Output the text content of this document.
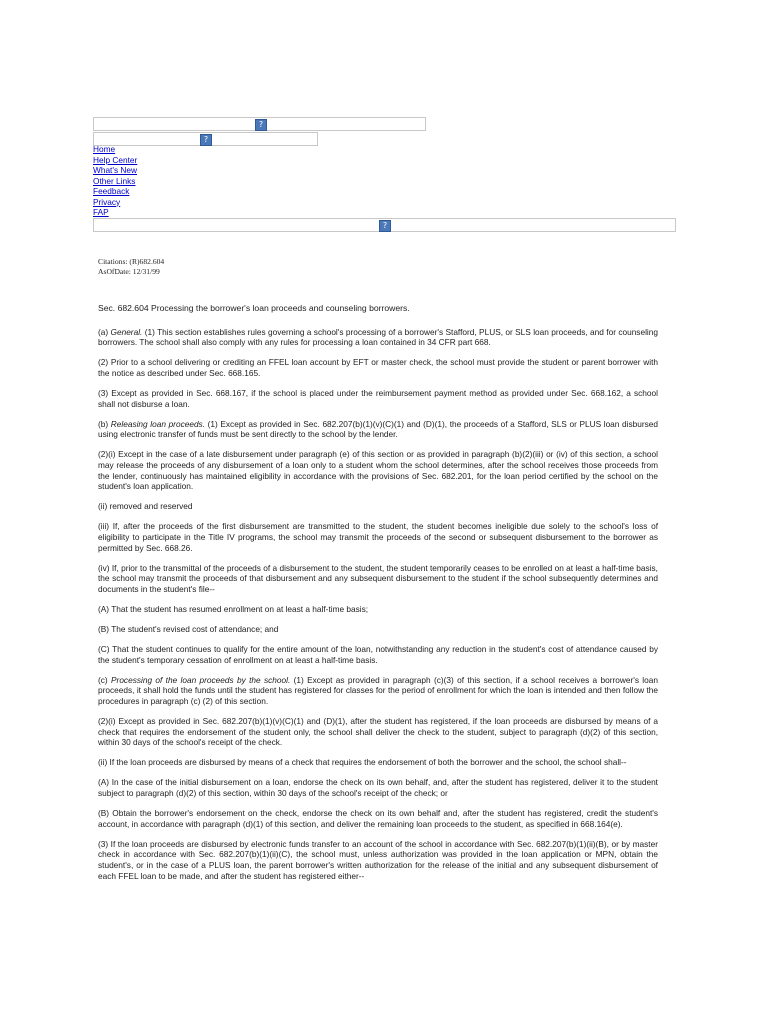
?
?
Home
Help Center
What's New
Other Links
Feedback
Privacy
FAP
?
Citations: (R)682.604
AsOfDate: 12/31/99

Sec. 682.604 Processing the borrower's loan proceeds and counseling borrowers.

(a) General. (1) This section establishes rules governing a school's processing of a borrower's Stafford, PLUS, or SLS loan proceeds, and for counseling borrowers. The school shall also comply with any rules for processing a loan contained in 34 CFR part 668.

(2) Prior to a school delivering or crediting an FFEL loan account by EFT or master check, the school must provide the student or parent borrower with the notice as described under Sec. 668.165.

(3) Except as provided in Sec. 668.167, if the school is placed under the reimbursement payment method as provided under Sec. 668.162, a school shall not disburse a loan.

(b) Releasing loan proceeds. (1) Except as provided in Sec. 682.207(b)(1)(v)(C)(1) and (D)(1), the proceeds of a Stafford, SLS or PLUS loan disbursed using electronic transfer of funds must be sent directly to the school by the lender.

(2)(i) Except in the case of a late disbursement under paragraph (e) of this section or as provided in paragraph (b)(2)(iii) or (iv) of this section, a school may release the proceeds of any disbursement of a loan only to a student whom the school determines, after the school receives those proceeds from the lender, continuously has maintained eligibility in accordance with the provisions of Sec. 682.201, for the loan period certified by the school on the student's loan application.

(ii) removed and reserved

(iii) If, after the proceeds of the first disbursement are transmitted to the student, the student becomes ineligible due solely to the school's loss of eligibility to participate in the Title IV programs, the school may transmit the proceeds of the second or subsequent disbursement to the borrower as permitted by Sec. 668.26.

(iv) If, prior to the transmittal of the proceeds of a disbursement to the student, the student temporarily ceases to be enrolled on at least a half-time basis, the school may transmit the proceeds of that disbursement and any subsequent disbursement to the student if the school subsequently determines and documents in the student's file--

(A) That the student has resumed enrollment on at least a half-time basis;

(B) The student's revised cost of attendance; and

(C) That the student continues to qualify for the entire amount of the loan, notwithstanding any reduction in the student's cost of attendance caused by the student's temporary cessation of enrollment on at least a half-time basis.

(c) Processing of the loan proceeds by the school. (1) Except as provided in paragraph (c)(3) of this section, if a school receives a borrower's loan proceeds, it shall hold the funds until the student has registered for classes for the period of enrollment for which the loan is intended and then follow the procedures in paragraph (c) (2) of this section.

(2)(i) Except as provided in Sec. 682.207(b)(1)(v)(C)(1) and (D)(1), after the student has registered, if the loan proceeds are disbursed by means of a check that requires the endorsement of the student only, the school shall deliver the check to the student, subject to paragraph (d)(2) of this section, within 30 days of the school's receipt of the check.

(ii) If the loan proceeds are disbursed by means of a check that requires the endorsement of both the borrower and the school, the school shall--

(A) In the case of the initial disbursement on a loan, endorse the check on its own behalf, and, after the student has registered, deliver it to the student subject to paragraph (d)(2) of this section, within 30 days of the school's receipt of the check; or

(B) Obtain the borrower's endorsement on the check, endorse the check on its own behalf and, after the student has registered, credit the student's account, in accordance with paragraph (d)(1) of this section, and deliver the remaining loan proceeds to the student, as specified in 668.164(e).

(3) If the loan proceeds are disbursed by electronic funds transfer to an account of the school in accordance with Sec. 682.207(b)(1)(ii)(B), or by master check in accordance with Sec. 682.207(b)(1)(ii)(C), the school must, unless authorization was provided in the loan application or MPN, obtain the student's, or in the case of a PLUS loan, the parent borrower's written authorization for the release of the initial and any subsequent disbursement of each FFEL loan to be made, and after the student has registered either--
